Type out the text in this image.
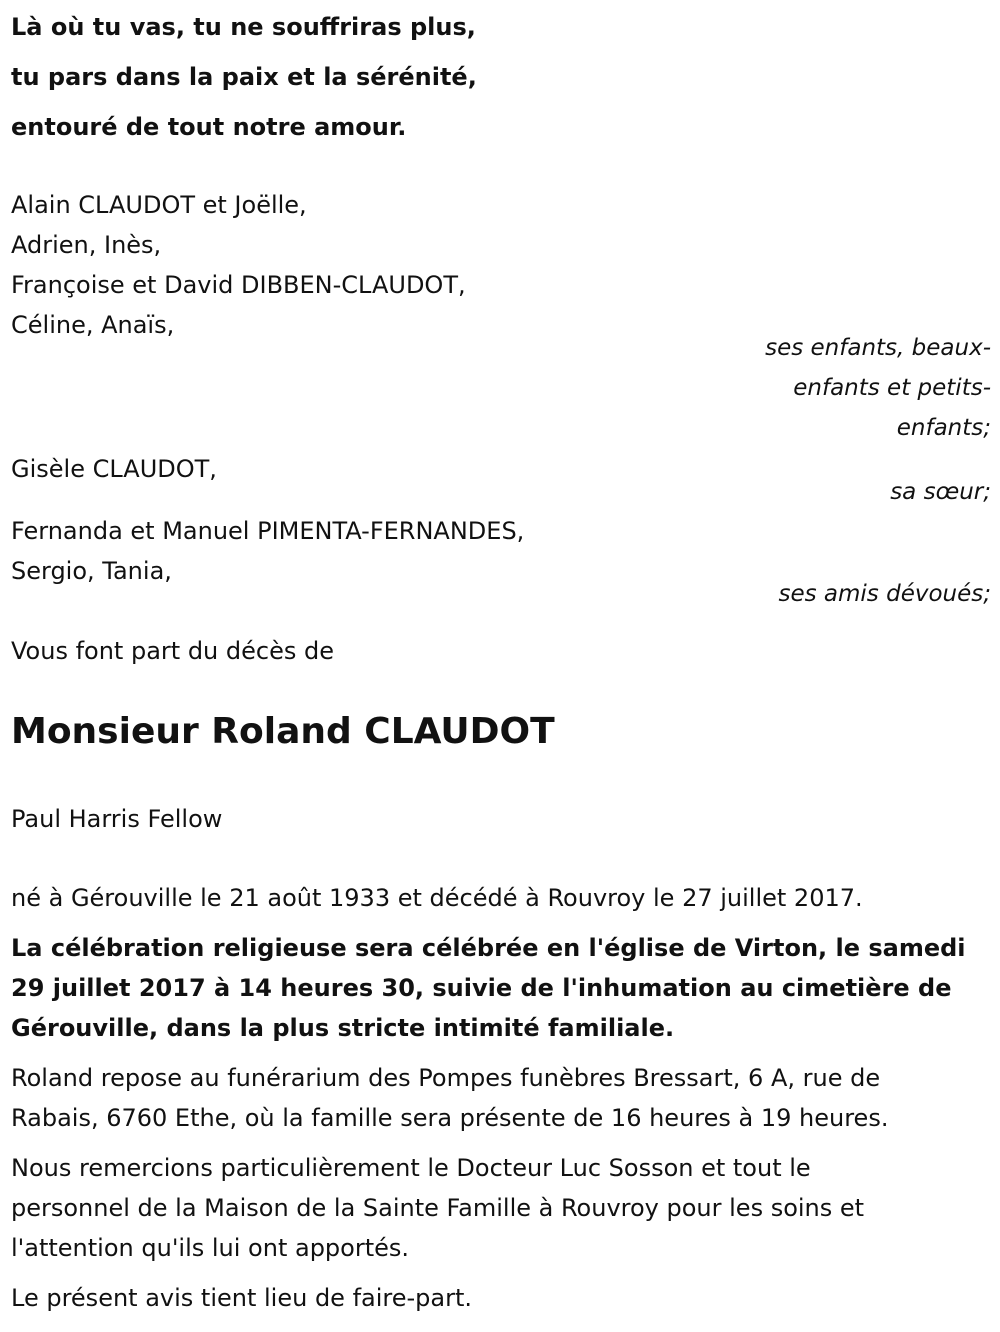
Là où tu vas, tu ne souffriras plus,
tu pars dans la paix et la sérénité,
entouré de tout notre amour.
Alain CLAUDOT et Joëlle,
Adrien, Inès,
Françoise et David DIBBEN-CLAUDOT,
Céline, Anaïs,
ses enfants, beaux-
enfants et petits-
enfants;
Gisèle CLAUDOT,
sa sœur;
Fernanda et Manuel PIMENTA-FERNANDES,
Sergio, Tania,
ses amis dévoués;
Vous font part du décès de
Monsieur Roland CLAUDOT
Paul Harris Fellow
né à Gérouville le 21 août 1933 et décédé à Rouvroy le 27 juillet 2017.
La célébration religieuse sera célébrée en l'église de Virton, le samedi
29 juillet 2017 à 14 heures 30, suivie de l'inhumation au cimetière de
Gérouville, dans la plus stricte intimité familiale.
Roland repose au funérarium des Pompes funèbres Bressart, 6 A, rue de
Rabais, 6760 Ethe, où la famille sera présente de 16 heures à 19 heures.
Nous remercions particulièrement le Docteur Luc Sosson et tout le
personnel de la Maison de la Sainte Famille à Rouvroy pour les soins et
l'attention qu'ils lui ont apportés.
Le présent avis tient lieu de faire-part.
